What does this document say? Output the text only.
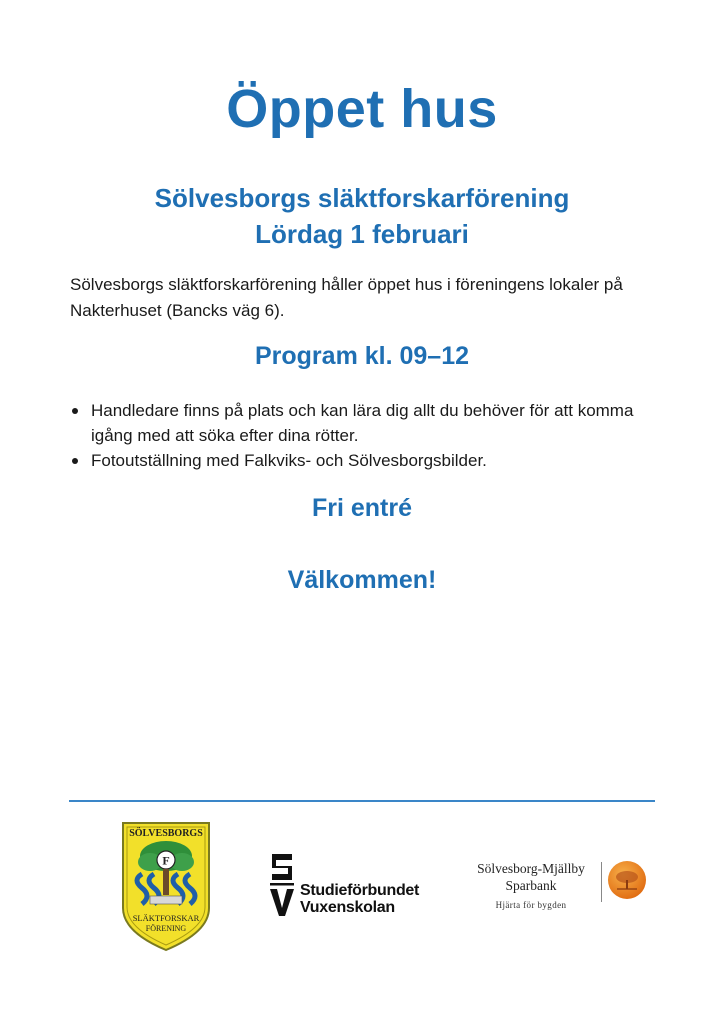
Öppet hus
Sölvesborgs släktforskarförening
Lördag 1 februari

Sölvesborgs släktforskarförening håller öppet hus i föreningens lokaler på Nakterhuset (Bancks väg 6).

Program kl. 09–12
Handledare finns på plats och kan lära dig allt du behöver för att komma igång med att söka efter dina rötter.
Fotoutställning med Falkviks- och Sölvesborgsbilder.
Fri entré
Välkommen!
SÖLVESBORGS
F
SLÄKTFORSKAR
FÖRENING
Studieförbundet
Vuxenskolan
Sölvesborg-Mjällby
Sparbank
Hjärta för bygden
